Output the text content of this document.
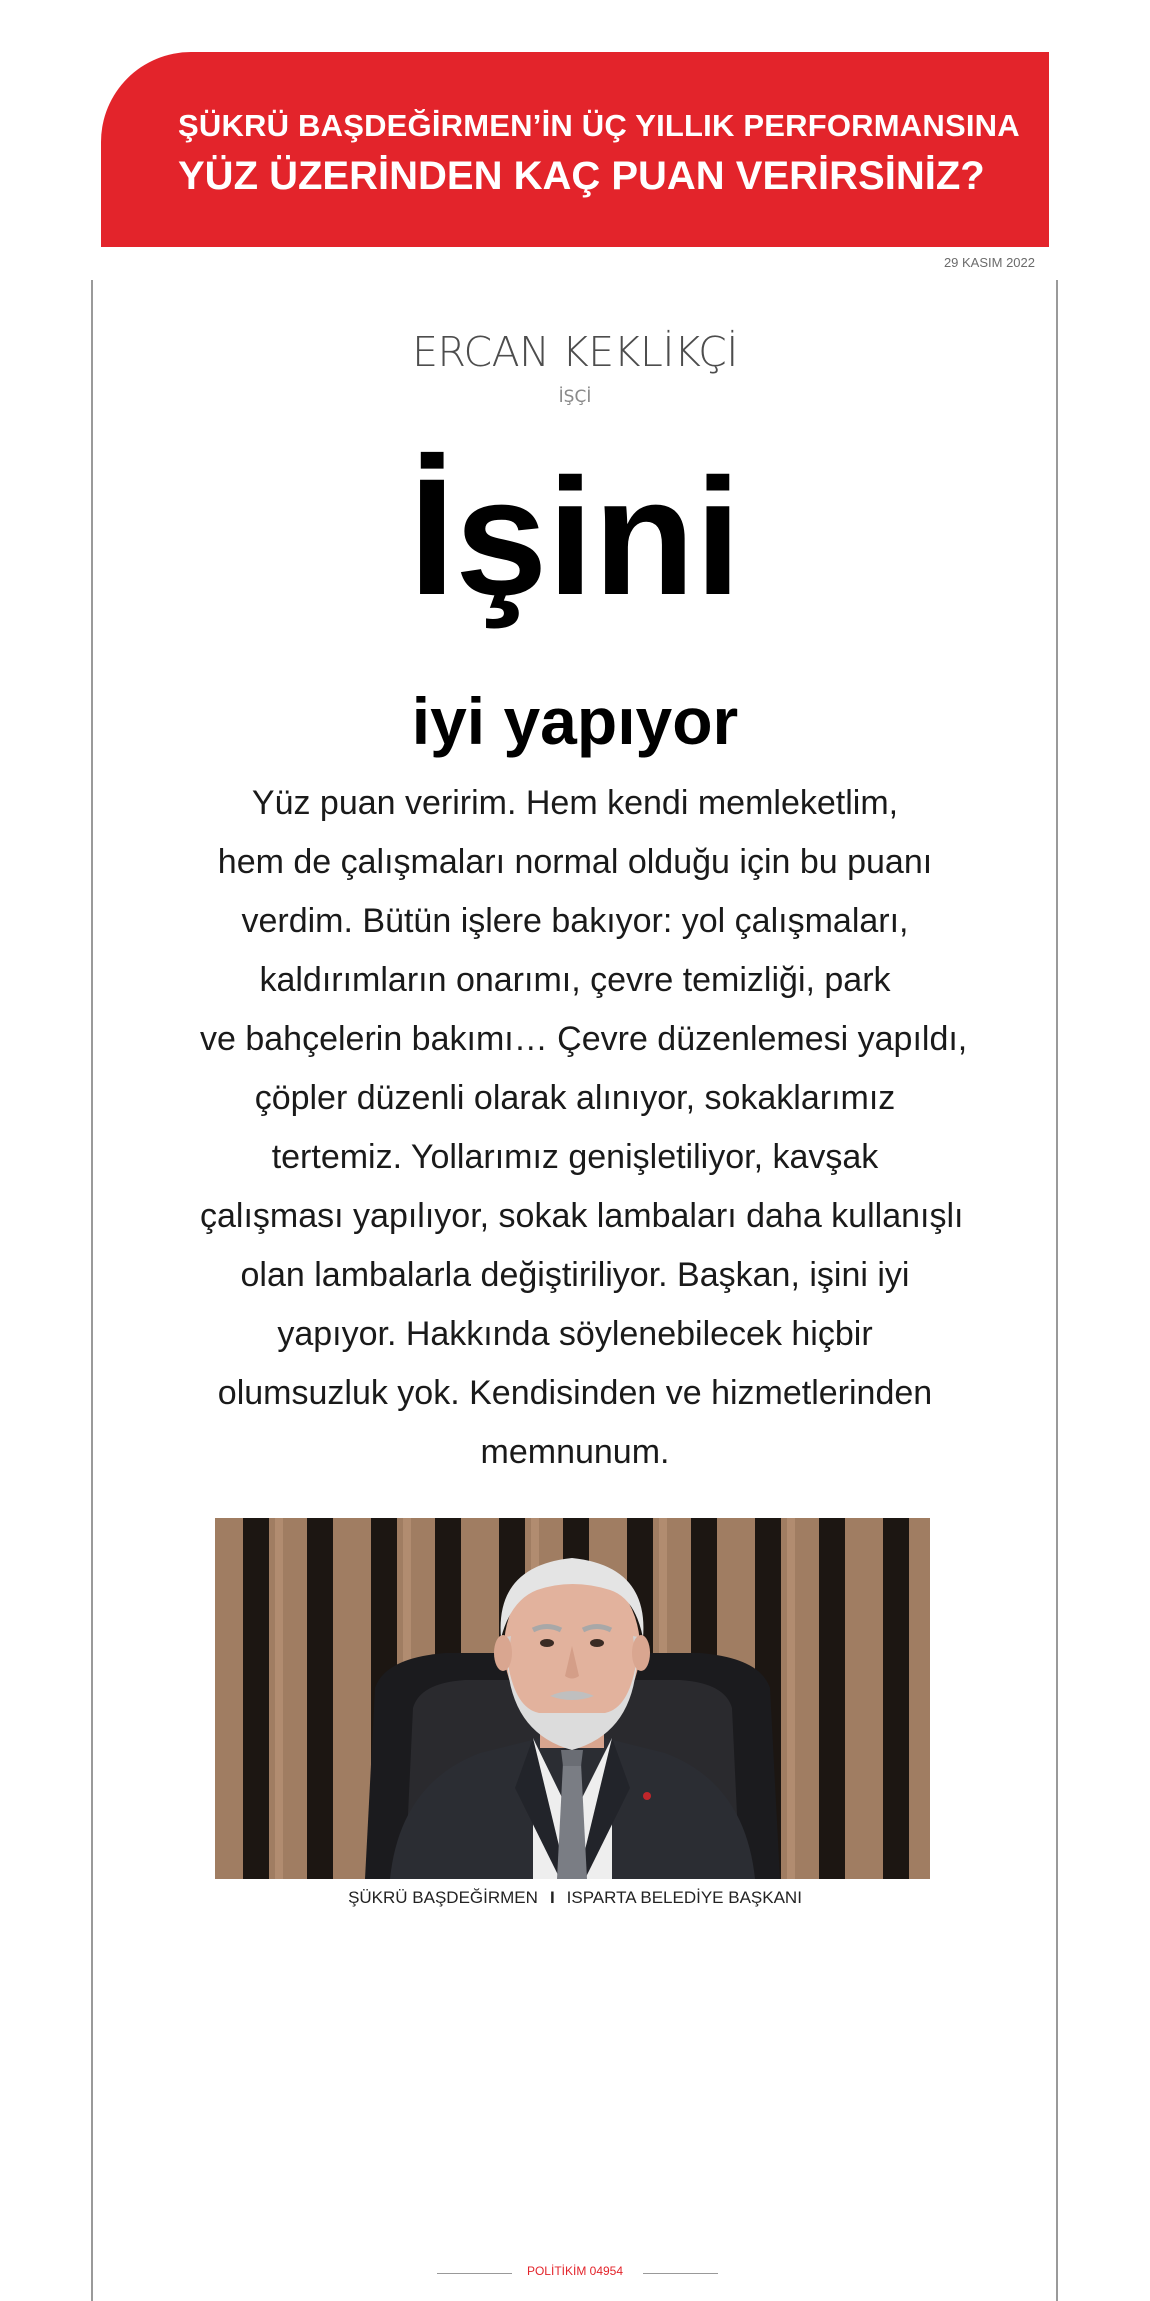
ŞÜKRÜ BAŞDEĞİRMEN’İN ÜÇ YILLIK PERFORMANSINA
YÜZ ÜZERİNDEN KAÇ PUAN VERİRSİNİZ?
29 KASIM 2022
ERCAN KEKLİKÇİ
İŞÇİ
İşini
iyi yapıyor
Yüz puan veririm. Hem kendi memleketlim,
hem de çalışmaları normal olduğu için bu puanı
verdim. Bütün işlere bakıyor: yol çalışmaları,
kaldırımların onarımı, çevre temizliği, park
ve bahçelerin bakımı… Çevre düzenlemesi yapıldı,
çöpler düzenli olarak alınıyor, sokaklarımız
tertemiz. Yollarımız genişletiliyor, kavşak
çalışması yapılıyor, sokak lambaları daha kullanışlı
olan lambalarla değiştiriliyor. Başkan, işini iyi
yapıyor. Hakkında söylenebilecek hiçbir
olumsuzluk yok. Kendisinden ve hizmetlerinden
memnunum.
ŞÜKRÜ BAŞDEĞİRMEN I ISPARTA BELEDİYE BAŞKANI
POLİTİKİM 04954
